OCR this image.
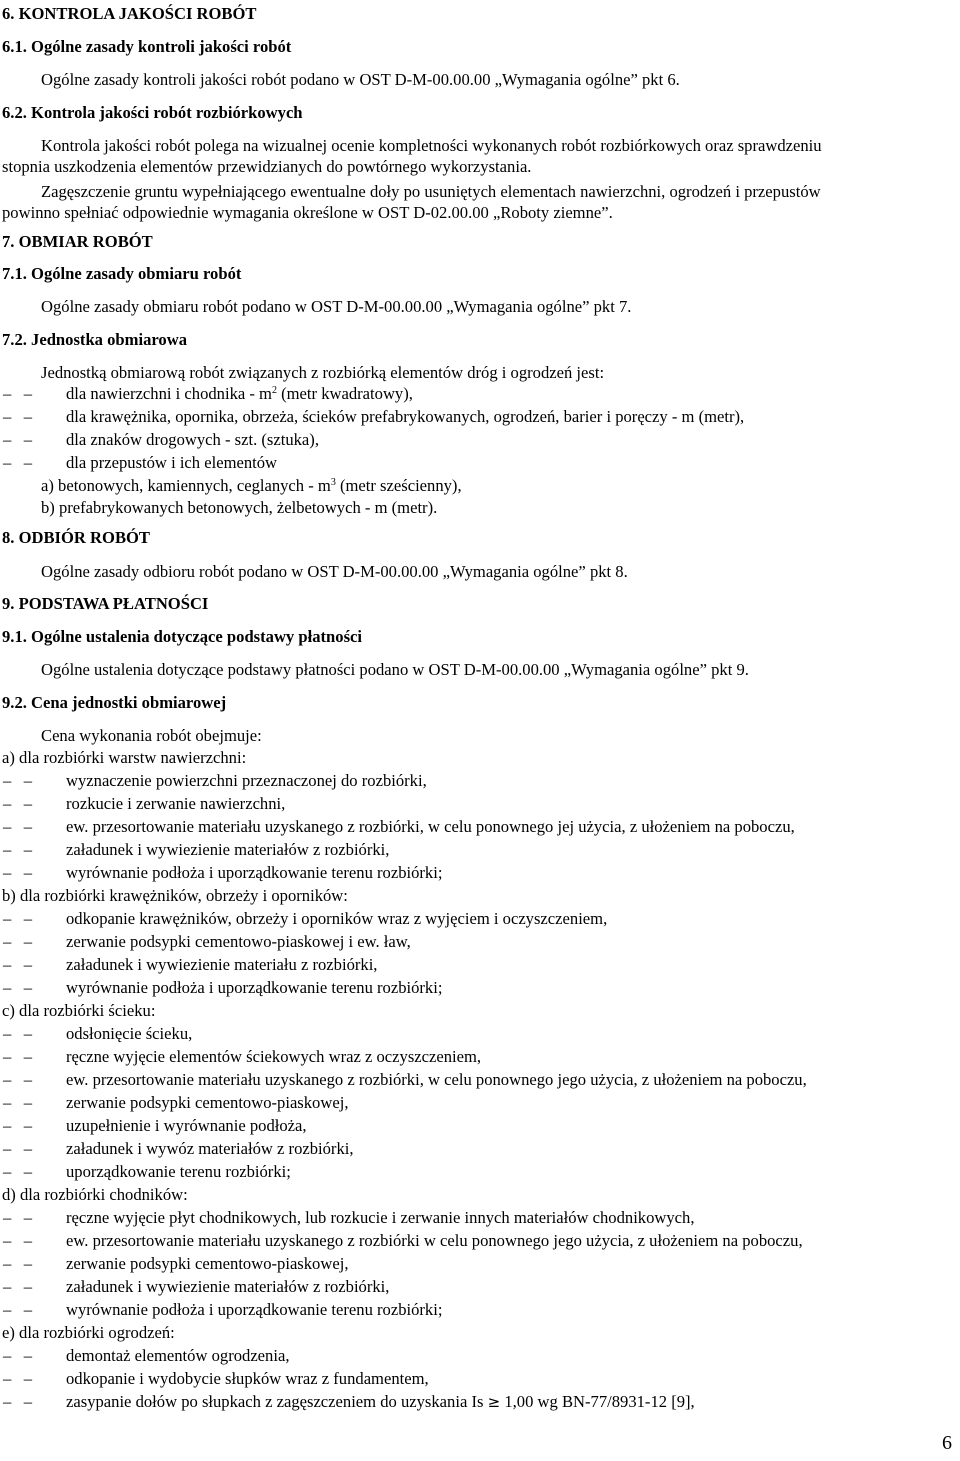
6. KONTROLA JAKOŚCI ROBÓT
6.1. Ogólne zasady kontroli jakości robót
Ogólne zasady kontroli jakości robót podano w OST D-M-00.00.00 „Wymagania ogólne” pkt 6.
6.2. Kontrola jakości robót rozbiórkowych
Kontrola jakości robót polega na wizualnej ocenie kompletności wykonanych robót rozbiórkowych oraz sprawdzeniu
stopnia uszkodzenia elementów przewidzianych do powtórnego wykorzystania.
Zagęszczenie gruntu wypełniającego ewentualne doły po usuniętych elementach nawierzchni, ogrodzeń i przepustów
powinno spełniać odpowiednie wymagania określone w OST D-02.00.00 „Roboty ziemne”.
7. OBMIAR ROBÓT
7.1. Ogólne zasady obmiaru robót
Ogólne zasady obmiaru robót podano w OST D-M-00.00.00 „Wymagania ogólne” pkt 7.
7.2. Jednostka obmiarowa
Jednostką obmiarową robót związanych z rozbiórką elementów dróg i ogrodzeń jest:
–   –
dla nawierzchni i chodnika - $m^2$ (metr kwadratowy),
–   –
dla krawężnika, opornika, obrzeża, ścieków prefabrykowanych, ogrodzeń, barier i poręczy - m (metr),
–   –
dla znaków drogowych - szt. (sztuka),
–   –
dla przepustów i ich elementów
a) betonowych, kamiennych, ceglanych - $m^3$ (metr sześcienny),
b) prefabrykowanych betonowych, żelbetowych - m (metr).
8. ODBIÓR ROBÓT
Ogólne zasady odbioru robót podano w OST D-M-00.00.00 „Wymagania ogólne” pkt 8.
9. PODSTAWA PŁATNOŚCI
9.1. Ogólne ustalenia dotyczące podstawy płatności
Ogólne ustalenia dotyczące podstawy płatności podano w OST D-M-00.00.00 „Wymagania ogólne” pkt 9.
9.2. Cena jednostki obmiarowej
Cena wykonania robót obejmuje:
a) dla rozbiórki warstw nawierzchni:
–   –
wyznaczenie powierzchni przeznaczonej do rozbiórki,
–   –
rozkucie i zerwanie nawierzchni,
–   –
ew. przesortowanie materiału uzyskanego z rozbiórki, w celu ponownego jej użycia, z ułożeniem na poboczu,
–   –
załadunek i wywiezienie materiałów z rozbiórki,
–   –
wyrównanie podłoża i uporządkowanie terenu rozbiórki;
b) dla rozbiórki krawężników, obrzeży i oporników:
–   –
odkopanie krawężników, obrzeży i oporników wraz z wyjęciem i oczyszczeniem,
–   –
zerwanie podsypki cementowo-piaskowej i ew. ław,
–   –
załadunek i wywiezienie materiału z rozbiórki,
–   –
wyrównanie podłoża i uporządkowanie terenu rozbiórki;
c) dla rozbiórki ścieku:
–   –
odsłonięcie ścieku,
–   –
ręczne wyjęcie elementów ściekowych wraz z oczyszczeniem,
–   –
ew. przesortowanie materiału uzyskanego z rozbiórki, w celu ponownego jego użycia, z ułożeniem na poboczu,
–   –
zerwanie podsypki cementowo-piaskowej,
–   –
uzupełnienie i wyrównanie podłoża,
–   –
załadunek i wywóz materiałów z rozbiórki,
–   –
uporządkowanie terenu rozbiórki;
d) dla rozbiórki chodników:
–   –
ręczne wyjęcie płyt chodnikowych, lub rozkucie i zerwanie innych materiałów chodnikowych,
–   –
ew. przesortowanie materiału uzyskanego z rozbiórki w celu ponownego jego użycia, z ułożeniem na poboczu,
–   –
zerwanie podsypki cementowo-piaskowej,
–   –
załadunek i wywiezienie materiałów z rozbiórki,
–   –
wyrównanie podłoża i uporządkowanie terenu rozbiórki;
e) dla rozbiórki ogrodzeń:
–   –
demontaż elementów ogrodzenia,
–   –
odkopanie i wydobycie słupków wraz z fundamentem,
–   –
zasypanie dołów po słupkach z zagęszczeniem do uzyskania Is ≥ 1,00 wg BN-77/8931-12 [9],
6
